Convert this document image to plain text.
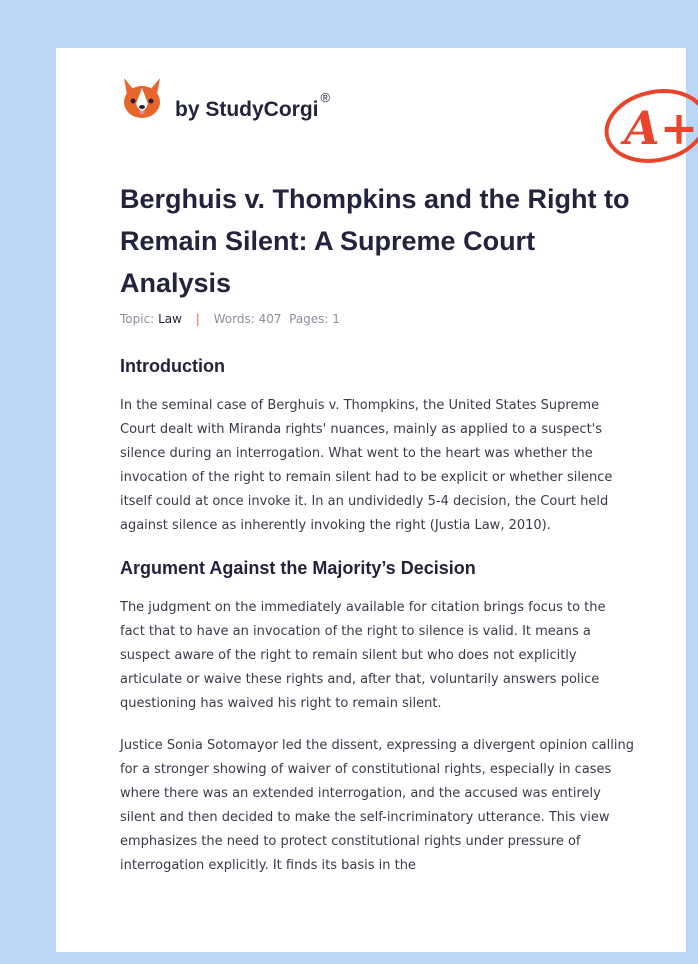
by StudyCorgi®
A+
Berghuis v. Thompkins and the Right to Remain Silent: A Supreme Court Analysis
Topic: Law | Words: 407 Pages: 1
Introduction

In the seminal case of Berghuis v. Thompkins, the United States Supreme Court dealt with Miranda rights' nuances, mainly as applied to a suspect's silence during an interrogation. What went to the heart was whether the invocation of the right to remain silent had to be explicit or whether silence itself could at once invoke it. In an undividedly 5-4 decision, the Court held against silence as inherently invoking the right (Justia Law, 2010).

Argument Against the Majority’s Decision

The judgment on the immediately available for citation brings focus to the fact that to have an invocation of the right to silence is valid. It means a suspect aware of the right to remain silent but who does not explicitly articulate or waive these rights and, after that, voluntarily answers police questioning has waived his right to remain silent.

Justice Sonia Sotomayor led the dissent, expressing a divergent opinion calling for a stronger showing of waiver of constitutional rights, especially in cases where there was an extended interrogation, and the accused was entirely silent and then decided to make the self-incriminatory utterance. This view emphasizes the need to protect constitutional rights under pressure of interrogation explicitly. It finds its basis in the
